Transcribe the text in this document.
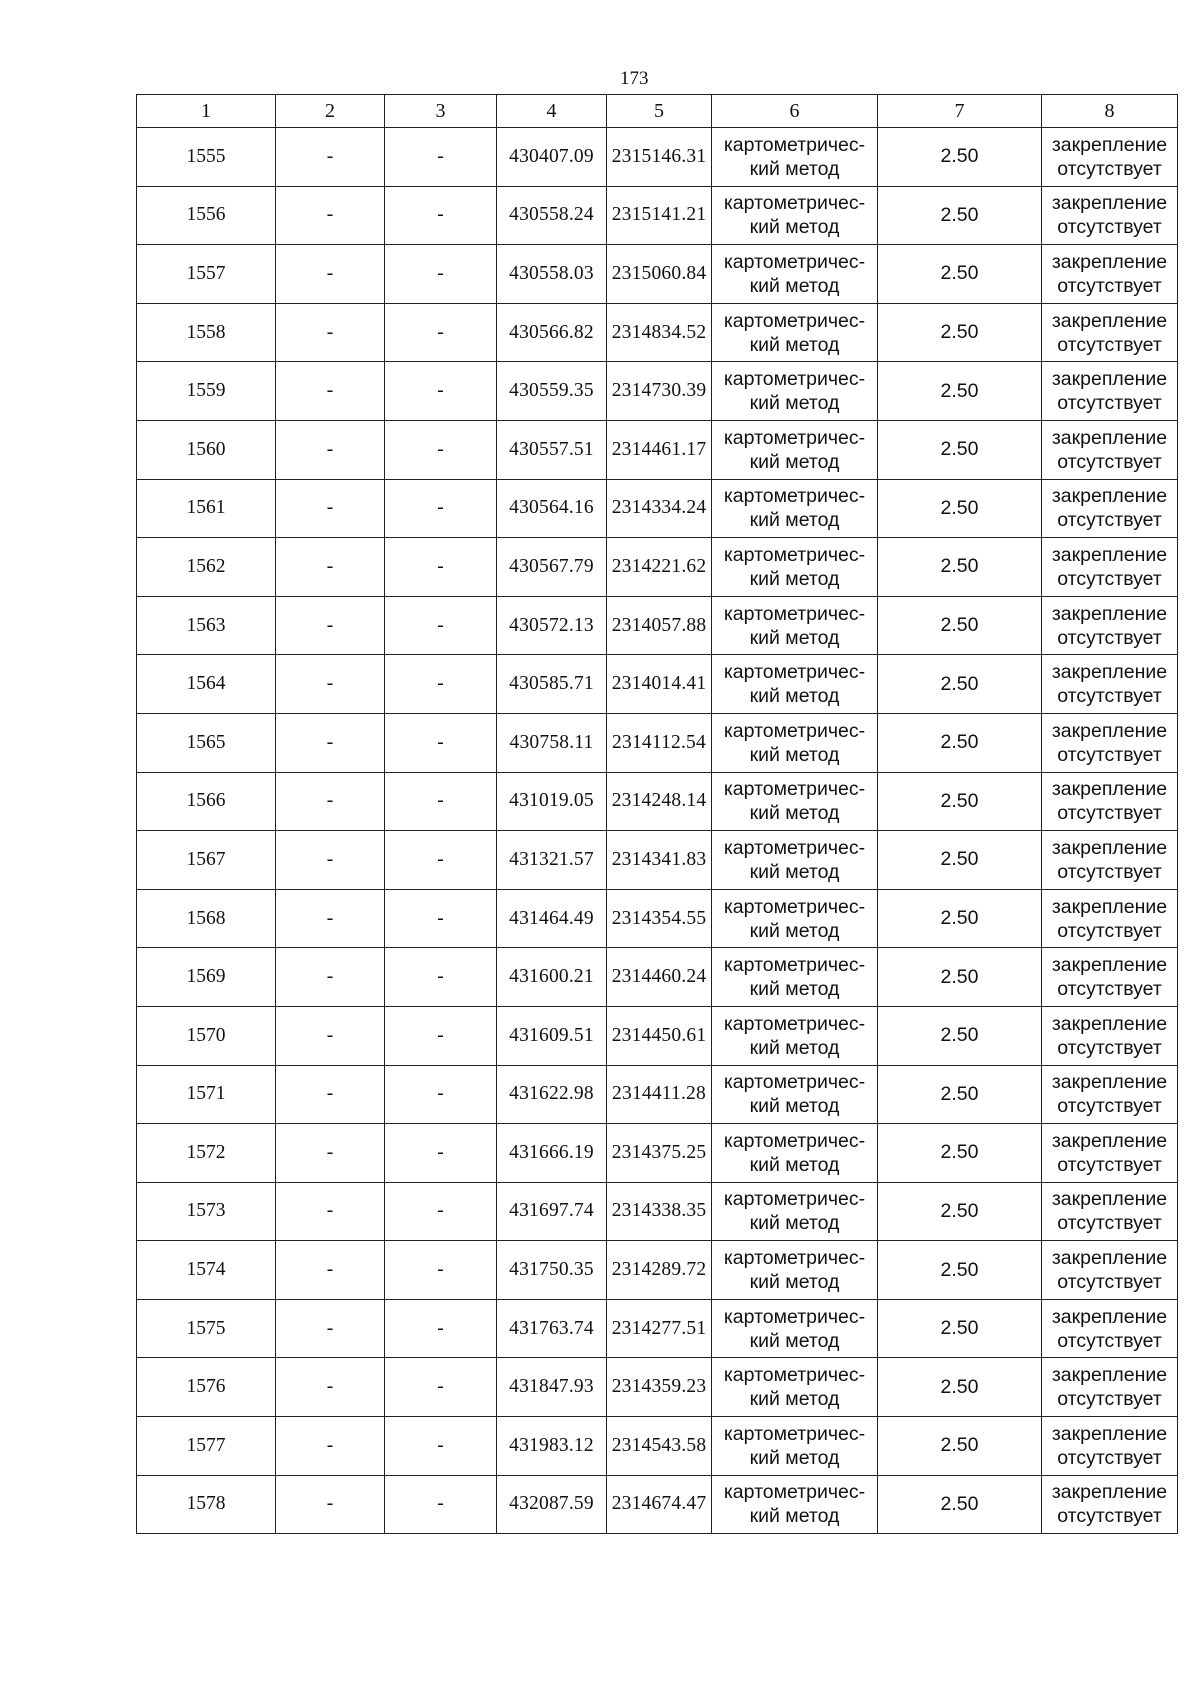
173
1	2	3	4	5	6	7	8
1555	-	-	430407.09	2315146.31	картометричес-
кий метод	2.50	закрепление
отсутствует

1556	-	-	430558.24	2315141.21	картометричес-
кий метод	2.50	закрепление
отсутствует

1557	-	-	430558.03	2315060.84	картометричес-
кий метод	2.50	закрепление
отсутствует

1558	-	-	430566.82	2314834.52	картометричес-
кий метод	2.50	закрепление
отсутствует

1559	-	-	430559.35	2314730.39	картометричес-
кий метод	2.50	закрепление
отсутствует

1560	-	-	430557.51	2314461.17	картометричес-
кий метод	2.50	закрепление
отсутствует

1561	-	-	430564.16	2314334.24	картометричес-
кий метод	2.50	закрепление
отсутствует

1562	-	-	430567.79	2314221.62	картометричес-
кий метод	2.50	закрепление
отсутствует

1563	-	-	430572.13	2314057.88	картометричес-
кий метод	2.50	закрепление
отсутствует

1564	-	-	430585.71	2314014.41	картометричес-
кий метод	2.50	закрепление
отсутствует

1565	-	-	430758.11	2314112.54	картометричес-
кий метод	2.50	закрепление
отсутствует

1566	-	-	431019.05	2314248.14	картометричес-
кий метод	2.50	закрепление
отсутствует

1567	-	-	431321.57	2314341.83	картометричес-
кий метод	2.50	закрепление
отсутствует

1568	-	-	431464.49	2314354.55	картометричес-
кий метод	2.50	закрепление
отсутствует

1569	-	-	431600.21	2314460.24	картометричес-
кий метод	2.50	закрепление
отсутствует

1570	-	-	431609.51	2314450.61	картометричес-
кий метод	2.50	закрепление
отсутствует

1571	-	-	431622.98	2314411.28	картометричес-
кий метод	2.50	закрепление
отсутствует

1572	-	-	431666.19	2314375.25	картометричес-
кий метод	2.50	закрепление
отсутствует

1573	-	-	431697.74	2314338.35	картометричес-
кий метод	2.50	закрепление
отсутствует

1574	-	-	431750.35	2314289.72	картометричес-
кий метод	2.50	закрепление
отсутствует

1575	-	-	431763.74	2314277.51	картометричес-
кий метод	2.50	закрепление
отсутствует

1576	-	-	431847.93	2314359.23	картометричес-
кий метод	2.50	закрепление
отсутствует

1577	-	-	431983.12	2314543.58	картометричес-
кий метод	2.50	закрепление
отсутствует

1578	-	-	432087.59	2314674.47	картометричес-
кий метод	2.50	закрепление
отсутствует
